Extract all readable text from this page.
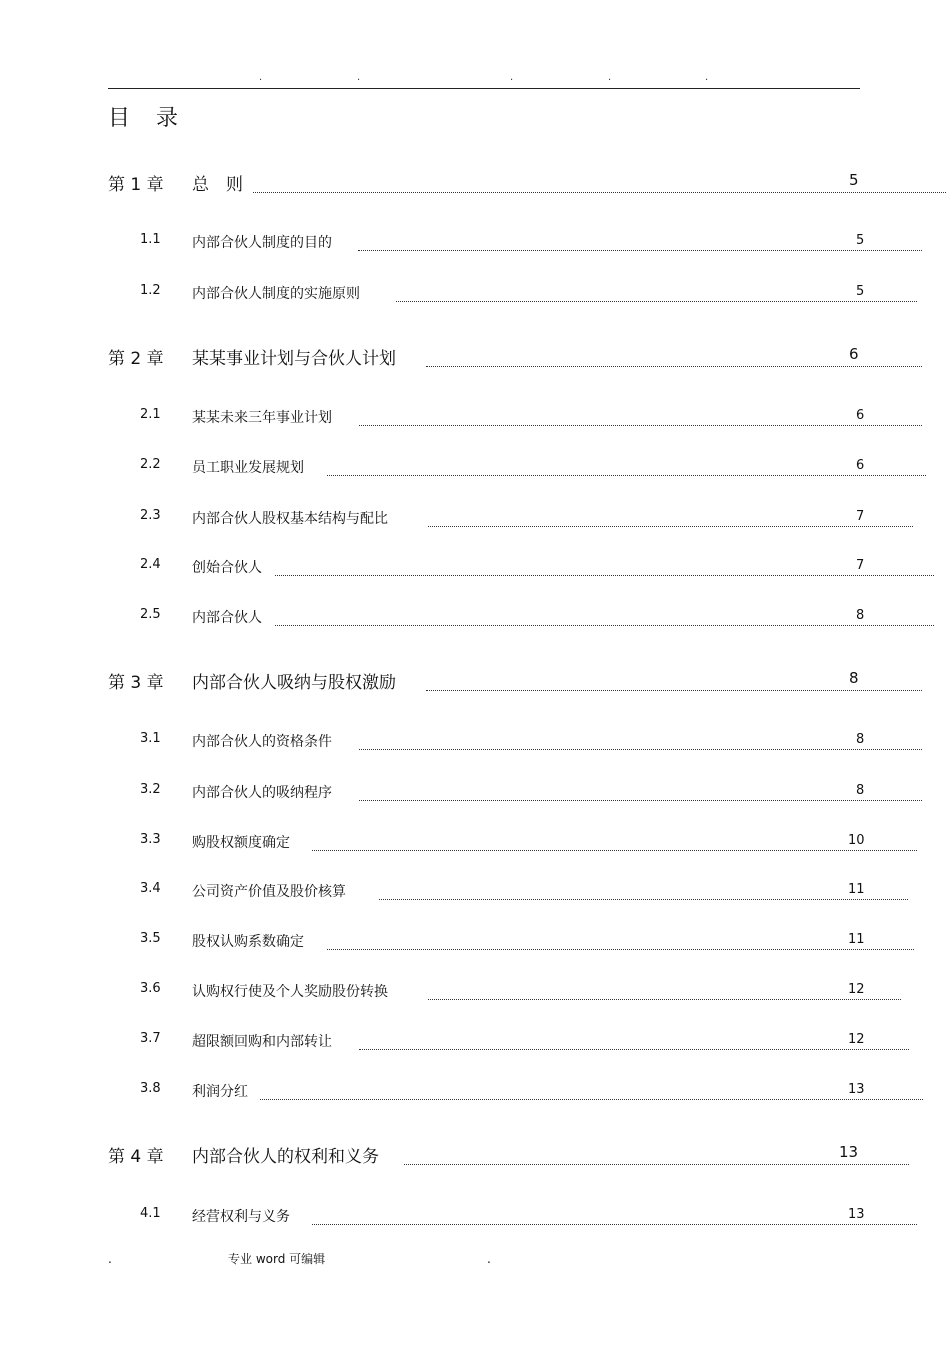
.	.	.	.	.
目　录
第 1 章 总　则	5
1.1 内部合伙人制度的目的	5
1.2 内部合伙人制度的实施原则	5
第 2 章 某某事业计划与合伙人计划	6
2.1 某某未来三年事业计划	6
2.2 员工职业发展规划	6
2.3 内部合伙人股权基本结构与配比	7
2.4 创始合伙人	7
2.5 内部合伙人	8
第 3 章 内部合伙人吸纳与股权激励	8
3.1 内部合伙人的资格条件	8
3.2 内部合伙人的吸纳程序	8
3.3 购股权额度确定	10
3.4 公司资产价值及股价核算	11
3.5 股权认购系数确定	11
3.6 认购权行使及个人奖励股份转换	12
3.7 超限额回购和内部转让	12
3.8 利润分红	13
第 4 章 内部合伙人的权利和义务	13
4.1 经营权利与义务	13
.	专业 word 可编辑	.
